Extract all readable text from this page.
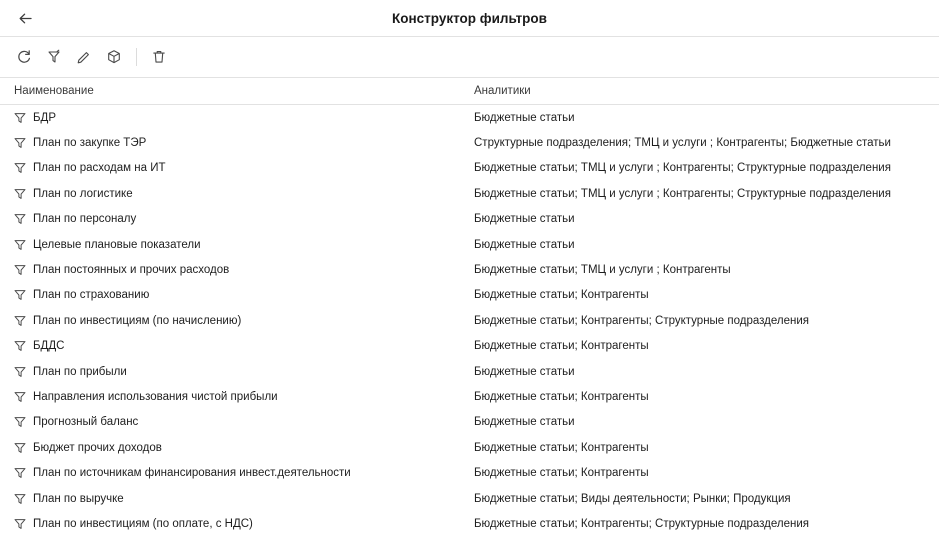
Конструктор фильтров
Наименование	Аналитики
БДР	Бюджетные статьи
План по закупке ТЭР	Структурные подразделения; ТМЦ и услуги ; Контрагенты; Бюджетные статьи
План по расходам на ИТ	Бюджетные статьи; ТМЦ и услуги ; Контрагенты; Структурные подразделения
План по логистике	Бюджетные статьи; ТМЦ и услуги ; Контрагенты; Структурные подразделения
План по персоналу	Бюджетные статьи
Целевые плановые показатели	Бюджетные статьи
План постоянных и прочих расходов	Бюджетные статьи; ТМЦ и услуги ; Контрагенты
План по страхованию	Бюджетные статьи; Контрагенты
План по инвестициям (по начислению)	Бюджетные статьи; Контрагенты; Структурные подразделения
БДДС	Бюджетные статьи; Контрагенты
План по прибыли	Бюджетные статьи
Направления использования чистой прибыли	Бюджетные статьи; Контрагенты
Прогнозный баланс	Бюджетные статьи
Бюджет прочих доходов	Бюджетные статьи; Контрагенты
План по источникам финансирования инвест.деятельности	Бюджетные статьи; Контрагенты
План по выручке	Бюджетные статьи; Виды деятельности; Рынки; Продукция
План по инвестициям (по оплате, с НДС)	Бюджетные статьи; Контрагенты; Структурные подразделения
